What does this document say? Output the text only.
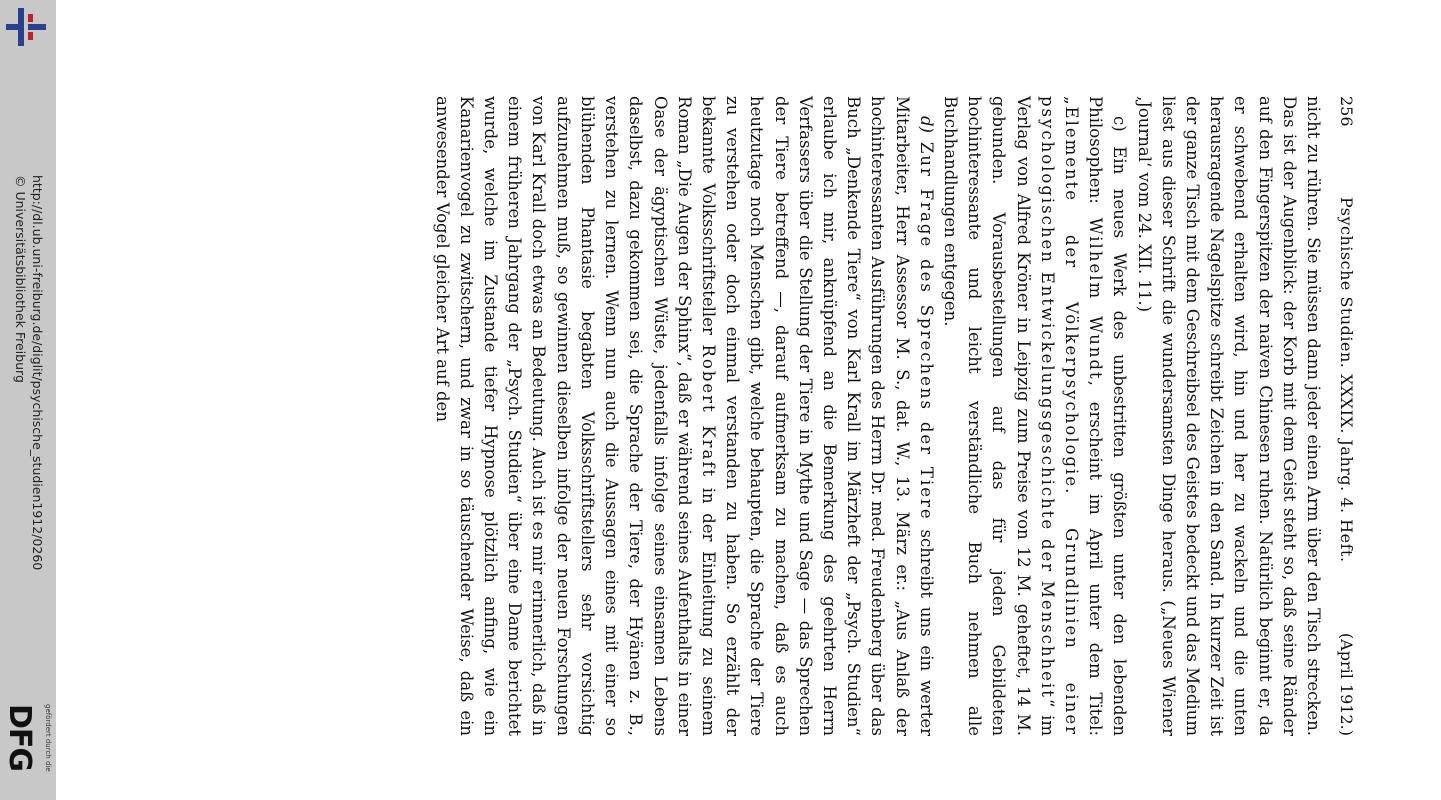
http://dl.ub.uni-freiburg.de/diglit/psychische_studien1912/0260
© Universitätsbibliothek Freiburg
gefördert durch die
DFG
256
Psychische Studien. XXXIX. Jahrg. 4. Heft.
(April 1912.)

nicht zu rühren. Sie müssen dann jeder einen Arm über den Tisch strecken. Das ist der Augenblick: der Korb mit dem Geist steht so, daß seine Ränder auf den Fingerspitzen der naiven Chinesen ruhen. Natürlich beginnt er, da er schwebend erhalten wird, hin und her zu wackeln und die unten herausragende Nagelspitze schreibt Zeichen in den Sand. In kurzer Zeit ist der ganze Tisch mit dem Geschreibsel des Geistes bedeckt und das Medium liest aus dieser Schrift die wundersamsten Dinge heraus. („Neues Wiener ‚Journal‘ vom 24. XII. 11.)

c) Ein neues Werk des unbestritten größten unter den lebenden Philosophen: Wilhelm Wundt, erscheint im April unter dem Titel: „Elemente der Völkerpsychologie. Grundlinien einer psychologischen Entwickelungsgeschichte der Menschheit“ im Verlag von Alfred Kröner in Leipzig zum Preise von 12 M. geheftet, 14 M. gebunden. Vorausbestellungen auf das für jeden Gebildeten hochinteressante und leicht verständliche Buch nehmen alle Buchhandlungen entgegen.

d) Zur Frage des Sprechens der Tiere schreibt uns ein werter Mitarbeiter, Herr Assessor M. S., dat. W., 13. März er.: „Aus Anlaß der hochinteressanten Ausführungen des Herrn Dr. med. Freudenberg über das Buch „Denkende Tiere“ von Karl Krall im Märzheft der „Psych. Studien“ erlaube ich mir, anknüpfend an die Bemerkung des geehrten Herrn Verfassers über die Stellung der Tiere in Mythe und Sage — das Sprechen der Tiere betreffend —, darauf aufmerksam zu machen, daß es auch heutzutage noch Menschen gibt, welche behaupten, die Sprache der Tiere zu verstehen oder doch einmal verstanden zu haben. So erzählt der bekannte Volksschriftsteller Robert Kraft in der Einleitung zu seinem Roman „Die Augen der Sphinx“, daß er während seines Aufenthalts in einer Oase der ägyptischen Wüste, jedenfalls infolge seines einsamen Lebens daselbst, dazu gekommen sei, die Sprache der Tiere, der Hyänen z. B., verstehen zu lernen. Wenn nun auch die Aussagen eines mit einer so blühenden Phantasie begabten Volksschriftstellers sehr vorsichtig aufzunehmen muß, so gewinnen dieselben infolge der neuen Forschungen von Karl Krall doch etwas an Bedeutung. Auch ist es mir erinnerlich, daß in einem früheren Jahrgang der „Psych. Studien“ über eine Dame berichtet wurde, welche im Zustande tiefer Hypnose plötzlich anfing, wie ein Kanarienvogel zu zwitschern, und zwar in so täuschender Weise, daß ein anwesender Vogel gleicher Art auf den
